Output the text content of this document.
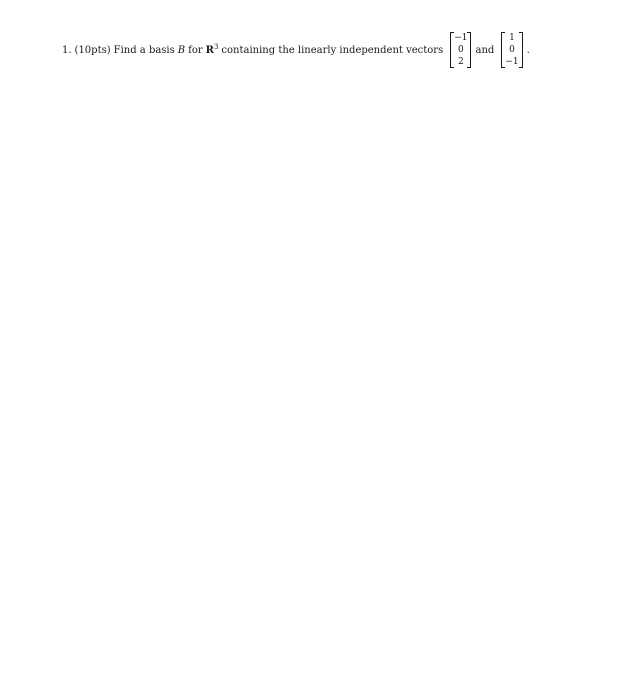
1. (10pts) Find a basis B for $R^3$ containing the linearly independent vectors
−1
0
2
and
1
0
−1
.
